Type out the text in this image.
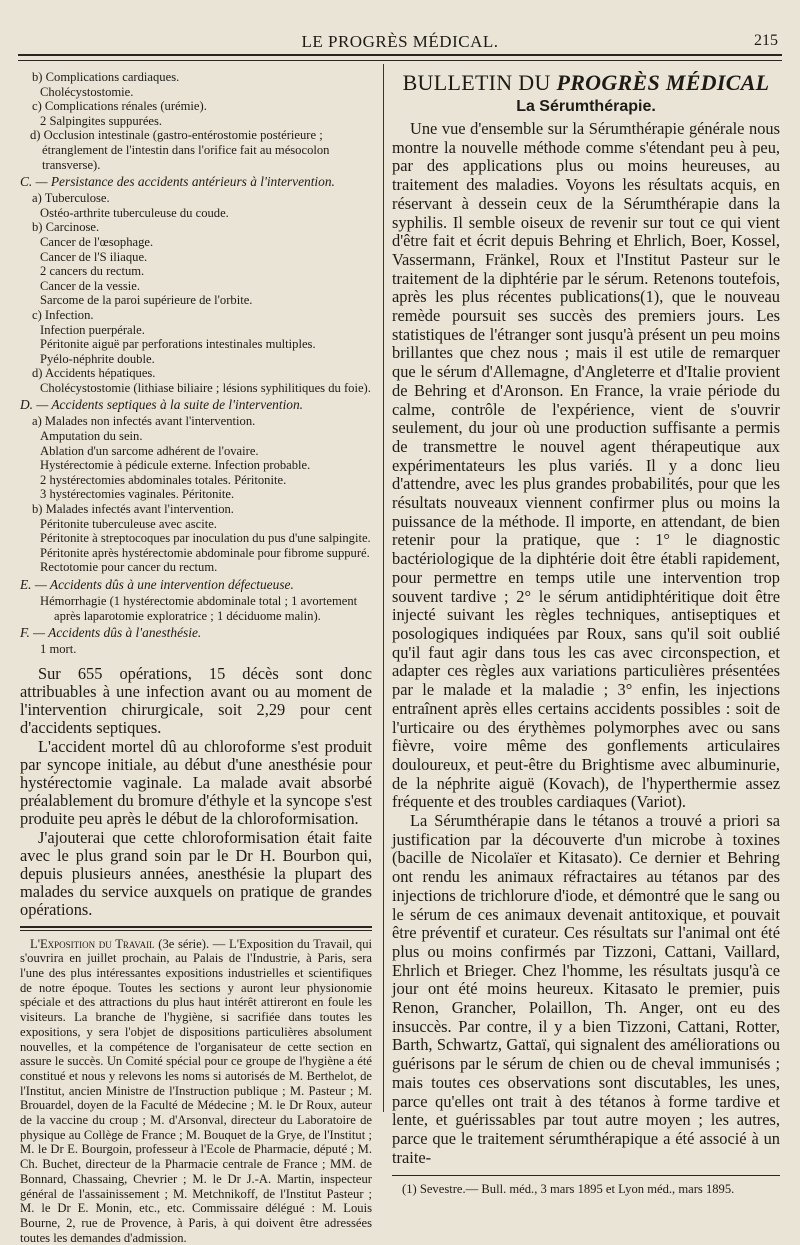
LE PROGRÈS MÉDICAL.	215

b) Complications cardiaques.

Cholécystostomie.

c) Complications rénales (urémie).

2 Salpingites suppurées.

d) Occlusion intestinale (gastro-entérostomie postérieure ; étranglement de l'intestin dans l'orifice fait au mésocolon transverse).

C. — Persistance des accidents antérieurs à l'intervention.

a) Tuberculose.

Ostéo-arthrite tuberculeuse du coude.

b) Carcinose.

Cancer de l'œsophage.

Cancer de l'S iliaque.

2 cancers du rectum.

Cancer de la vessie.

Sarcome de la paroi supérieure de l'orbite.

c) Infection.

Infection puerpérale.

Péritonite aiguë par perforations intestinales multiples.

Pyélo-néphrite double.

d) Accidents hépatiques.

Cholécystostomie (lithiase biliaire ; lésions syphilitiques du foie).

D. — Accidents septiques à la suite de l'intervention.

a) Malades non infectés avant l'intervention.

Amputation du sein.

Ablation d'un sarcome adhérent de l'ovaire.

Hystérectomie à pédicule externe. Infection probable.

2 hystérectomies abdominales totales. Péritonite.

3 hystérectomies vaginales. Péritonite.

b) Malades infectés avant l'intervention.

Péritonite tuberculeuse avec ascite.

Péritonite à streptocoques par inoculation du pus d'une salpingite.

Péritonite après hystérectomie abdominale pour fibrome suppuré.

Rectotomie pour cancer du rectum.

E. — Accidents dûs à une intervention défectueuse.

Hémorrhagie (1 hystérectomie abdominale total ; 1 avortement après laparotomie exploratrice ; 1 déciduome malin).

F. — Accidents dûs à l'anesthésie.

1 mort.

Sur 655 opérations, 15 décès sont donc attribuables à une infection avant ou au moment de l'intervention chirurgicale, soit 2,29 pour cent d'accidents septiques.

L'accident mortel dû au chloroforme s'est produit par syncope initiale, au début d'une anesthésie pour hystérectomie vaginale. La malade avait absorbé préalablement du bromure d'éthyle et la syncope s'est produite peu après le début de la chloroformisation.

J'ajouterai que cette chloroformisation était faite avec le plus grand soin par le Dr H. Bourbon qui, depuis plusieurs années, anesthésie la plupart des malades du service auxquels on pratique de grandes opérations.

L'Exposition du Travail (3e série). — L'Exposition du Travail, qui s'ouvrira en juillet prochain, au Palais de l'Industrie, à Paris, sera l'une des plus intéressantes expositions industrielles et scientifiques de notre époque. Toutes les sections y auront leur physionomie spéciale et des attractions du plus haut intérêt attireront en foule les visiteurs. La branche de l'hygiène, si sacrifiée dans toutes les expositions, y sera l'objet de dispositions particulières absolument nouvelles, et la compétence de l'organisateur de cette section en assure le succès. Un Comité spécial pour ce groupe de l'hygiène a été constitué et nous y relevons les noms si autorisés de M. Berthelot, de l'Institut, ancien Ministre de l'Instruction publique ; M. Pasteur ; M. Brouardel, doyen de la Faculté de Médecine ; M. le Dr Roux, auteur de la vaccine du croup ; M. d'Arsonval, directeur du Laboratoire de physique au Collège de France ; M. Bouquet de la Grye, de l'Institut ; M. le Dr E. Bourgoin, professeur à l'Ecole de Pharmacie, député ; M. Ch. Buchet, directeur de la Pharmacie centrale de France ; MM. de Bonnard, Chassaing, Chevrier ; M. le Dr J.-A. Martin, inspecteur général de l'assainissement ; M. Metchnikoff, de l'Institut Pasteur ; M. le Dr E. Monin, etc., etc. Commissaire délégué : M. Louis Bourne, 2, rue de Provence, à Paris, à qui doivent être adressées toutes les demandes d'admission.

BULLETIN DU PROGRÈS MÉDICAL

La Sérumthérapie.

Une vue d'ensemble sur la Sérumthérapie générale nous montre la nouvelle méthode comme s'étendant peu à peu, par des applications plus ou moins heureuses, au traitement des maladies. Voyons les résultats acquis, en réservant à dessein ceux de la Sérumthérapie dans la syphilis. Il semble oiseux de revenir sur tout ce qui vient d'être fait et écrit depuis Behring et Ehrlich, Boer, Kossel, Vassermann, Fränkel, Roux et l'Institut Pasteur sur le traitement de la diphtérie par le sérum. Retenons toutefois, après les plus récentes publications(1), que le nouveau remède poursuit ses succès des premiers jours. Les statistiques de l'étranger sont jusqu'à présent un peu moins brillantes que chez nous ; mais il est utile de remarquer que le sérum d'Allemagne, d'Angleterre et d'Italie provient de Behring et d'Aronson. En France, la vraie période du calme, contrôle de l'expérience, vient de s'ouvrir seulement, du jour où une production suffisante a permis de transmettre le nouvel agent thérapeutique aux expérimentateurs les plus variés. Il y a donc lieu d'attendre, avec les plus grandes probabilités, pour que les résultats nouveaux viennent confirmer plus ou moins la puissance de la méthode. Il importe, en attendant, de bien retenir pour la pratique, que : 1° le diagnostic bactériologique de la diphtérie doit être établi rapidement, pour permettre en temps utile une intervention trop souvent tardive ; 2° le sérum antidiphtéritique doit être injecté suivant les règles techniques, antiseptiques et posologiques indiquées par Roux, sans qu'il soit oublié qu'il faut agir dans tous les cas avec circonspection, et adapter ces règles aux variations particulières présentées par le malade et la maladie ; 3° enfin, les injections entraînent après elles certains accidents possibles : soit de l'urticaire ou des érythèmes polymorphes avec ou sans fièvre, voire même des gonflements articulaires douloureux, et peut-être du Brightisme avec albuminurie, de la néphrite aiguë (Kovach), de l'hyperthermie assez fréquente et des troubles cardiaques (Variot).

La Sérumthérapie dans le tétanos a trouvé a priori sa justification par la découverte d'un microbe à toxines (bacille de Nicolaïer et Kitasato). Ce dernier et Behring ont rendu les animaux réfractaires au tétanos par des injections de trichlorure d'iode, et démontré que le sang ou le sérum de ces animaux devenait antitoxique, et pouvait être préventif et curateur. Ces résultats sur l'animal ont été plus ou moins confirmés par Tizzoni, Cattani, Vaillard, Ehrlich et Brieger. Chez l'homme, les résultats jusqu'à ce jour ont été moins heureux. Kitasato le premier, puis Renon, Grancher, Polaillon, Th. Anger, ont eu des insuccès. Par contre, il y a bien Tizzoni, Cattani, Rotter, Barth, Schwartz, Gattaï, qui signalent des améliorations ou guérisons par le sérum de chien ou de cheval immunisés ; mais toutes ces observations sont discutables, les unes, parce qu'elles ont trait à des tétanos à forme tardive et lente, et guérissables par tout autre moyen ; les autres, parce que le traitement sérumthérapique a été associé à un traite-

(1) Sevestre.— Bull. méd., 3 mars 1895 et Lyon méd., mars 1895.
